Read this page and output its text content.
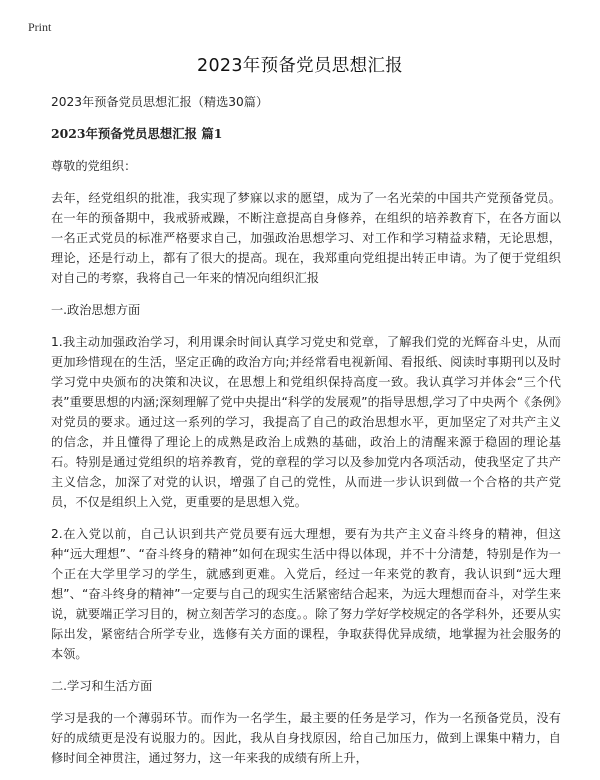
Print
2023年预备党员思想汇报

2023年预备党员思想汇报（精选30篇）

2023年预备党员思想汇报 篇1

尊敬的党组织：

去年，经党组织的批准，我实现了梦寐以求的愿望，成为了一名光荣的中国共产党预备党员。在一年的预备期中，我戒骄戒躁，不断注意提高自身修养，在组织的培养教育下，在各方面以一名正式党员的标准严格要求自己，加强政治思想学习、对工作和学习精益求精，无论思想，理论，还是行动上，都有了很大的提高。现在，我郑重向党组提出转正申请。为了便于党组织对自己的考察，我将自己一年来的情况向组织汇报

一.政治思想方面

1.我主动加强政治学习，利用课余时间认真学习党史和党章，了解我们党的光辉奋斗史，从而更加珍惜现在的生活，坚定正确的政治方向;并经常看电视新闻、看报纸、阅读时事期刊以及时学习党中央颁布的决策和决议，在思想上和党组织保持高度一致。我认真学习并体会“三个代表”重要思想的内涵;深刻理解了党中央提出“科学的发展观”的指导思想,学习了中央两个《条例》对党员的要求。通过这一系列的学习，我提高了自己的政治思想水平，更加坚定了对共产主义的信念，并且懂得了理论上的成熟是政治上成熟的基础，政治上的清醒来源于稳固的理论基石。特别是通过党组织的培养教育，党的章程的学习以及参加党内各项活动，使我坚定了共产主义信念，加深了对党的认识，增强了自己的党性，从而进一步认识到做一个合格的共产党员，不仅是组织上入党，更重要的是思想入党。

2.在入党以前，自己认识到共产党员要有远大理想，要有为共产主义奋斗终身的精神，但这种“远大理想”、“奋斗终身的精神”如何在现实生活中得以体现，并不十分清楚，特别是作为一个正在大学里学习的学生，就感到更难。入党后，经过一年来党的教育，我认识到“远大理想”、“奋斗终身的精神”一定要与自己的现实生活紧密结合起来，为远大理想而奋斗，对学生来说，就要端正学习目的，树立刻苦学习的态度。。除了努力学好学校规定的各学科外，还要从实际出发，紧密结合所学专业，选修有关方面的课程，争取获得优异成绩，地掌握为社会服务的本领。

二.学习和生活方面

学习是我的一个薄弱环节。而作为一名学生，最主要的任务是学习，作为一名预备党员，没有好的成绩更是没有说服力的。因此，我从自身找原因，给自己加压力，做到上课集中精力，自修时间全神贯注，通过努力，这一年来我的成绩有所上升，
